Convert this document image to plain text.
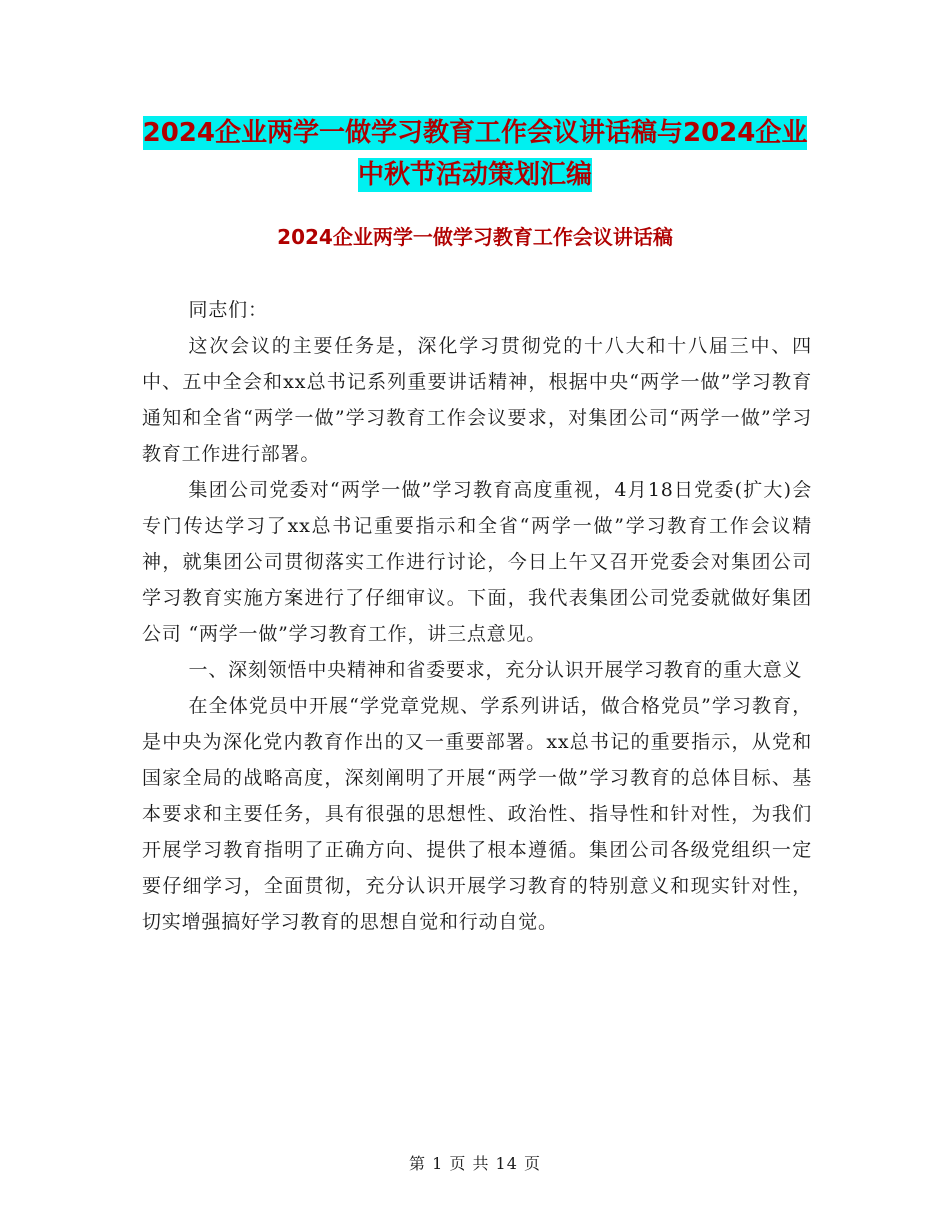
2024企业两学一做学习教育工作会议讲话稿与2024企业中秋节活动策划汇编
2024企业两学一做学习教育工作会议讲话稿

同志们：

这次会议的主要任务是，深化学习贯彻党的十八大和十八届三中、四中、五中全会和xx总书记系列重要讲话精神，根据中央“两学一做”学习教育通知和全省“两学一做”学习教育工作会议要求，对集团公司“两学一做”学习教育工作进行部署。

集团公司党委对“两学一做”学习教育高度重视，4月18日党委(扩大)会专门传达学习了xx总书记重要指示和全省“两学一做”学习教育工作会议精神，就集团公司贯彻落实工作进行讨论，今日上午又召开党委会对集团公司学习教育实施方案进行了仔细审议。下面，我代表集团公司党委就做好集团公司 “两学一做”学习教育工作，讲三点意见。

一、深刻领悟中央精神和省委要求，充分认识开展学习教育的重大意义

在全体党员中开展“学党章党规、学系列讲话，做合格党员”学习教育，是中央为深化党内教育作出的又一重要部署。xx总书记的重要指示，从党和国家全局的战略高度，深刻阐明了开展“两学一做”学习教育的总体目标、基本要求和主要任务，具有很强的思想性、政治性、指导性和针对性，为我们开展学习教育指明了正确方向、提供了根本遵循。集团公司各级党组织一定要仔细学习，全面贯彻，充分认识开展学习教育的特别意义和现实针对性，切实增强搞好学习教育的思想自觉和行动自觉。

第 1 页 共 14 页
